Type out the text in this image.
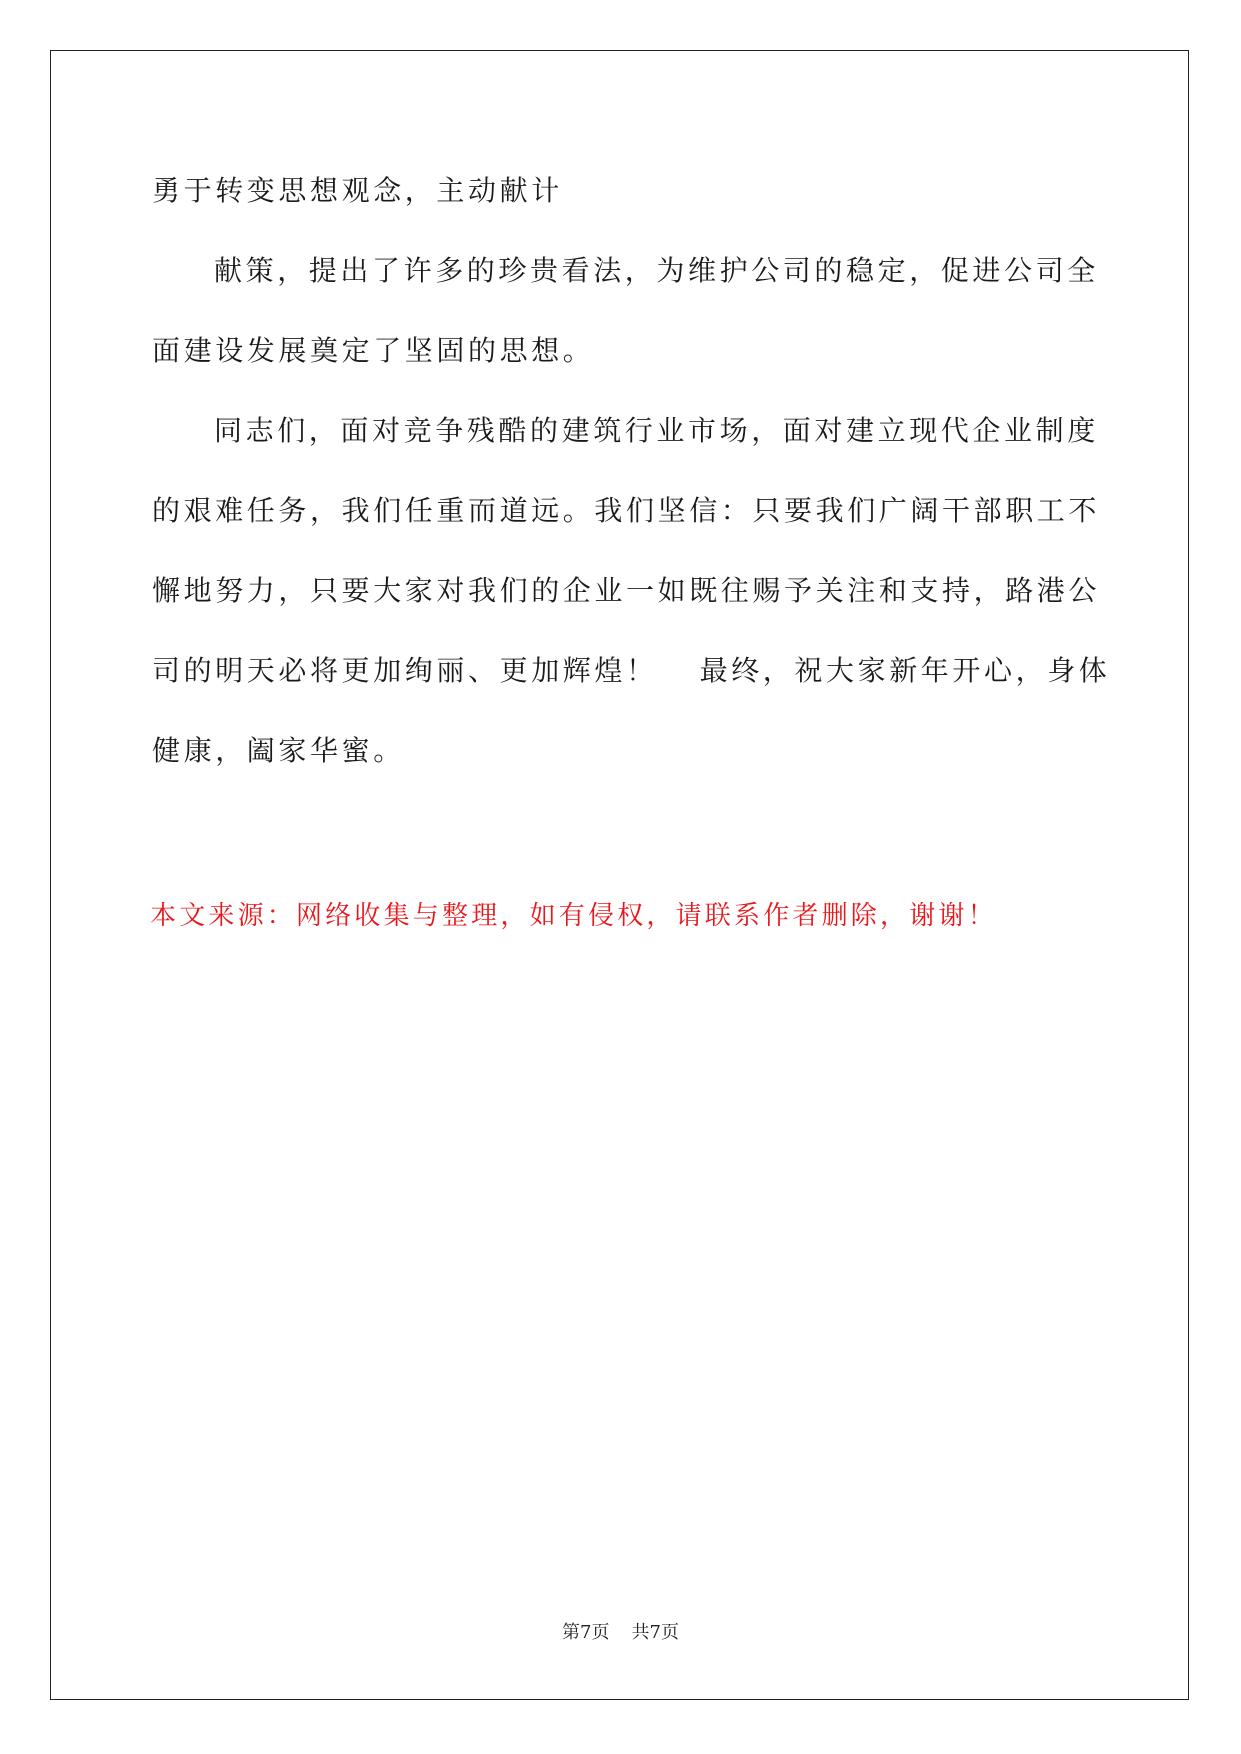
勇于转变思想观念，主动献计
献策，提出了许多的珍贵看法，为维护公司的稳定，促进公司全
面建设发展奠定了坚固的思想。
同志们，面对竞争残酷的建筑行业市场，面对建立现代企业制度
的艰难任务，我们任重而道远。我们坚信：只要我们广阔干部职工不
懈地努力，只要大家对我们的企业一如既往赐予关注和支持，路港公
司的明天必将更加绚丽、更加辉煌！ 最终，祝大家新年开心，身体
健康，阖家华蜜。
本文来源：网络收集与整理，如有侵权，请联系作者删除，谢谢！
第7页 共7页
